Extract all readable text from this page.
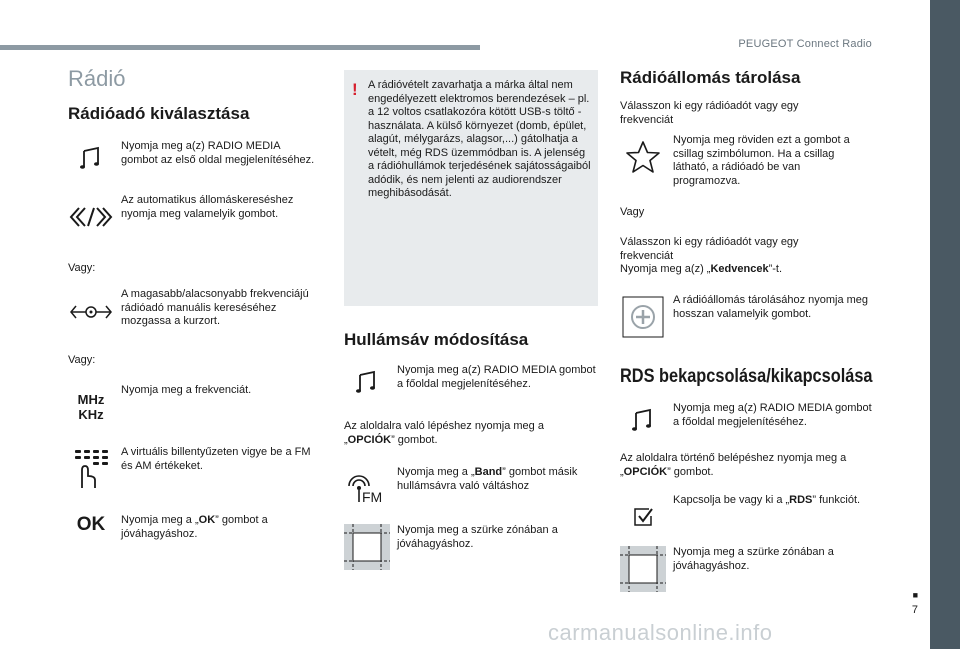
PEUGEOT Connect Radio
■
7
carmanualsonline.info
Rádió
Rádióadó kiválasztása
Nyomja meg a(z) RADIO MEDIA gombot az első oldal megjelenítéséhez.
Az automatikus állomáskereséshez nyomja meg valamelyik gombot.
Vagy:
A magasabb/alacsonyabb frekvenciájú rádióadó manuális kereséséhez mozgassa a kurzort.
Vagy:
MHz
KHz
Nyomja meg a frekvenciát.
A virtuális billentyűzeten vigye be a FM és AM értékeket.
OK Nyomja meg a „OK” gombot a jóváhagyáshoz.
! A rádióvételt zavarhatja a márka által nem engedélyezett elektromos berendezések – pl. a 12 voltos csatlakozóra kötött USB-s töltő -használata. A külső környezet (domb, épület, alagút, mélygarázs, alagsor,...) gátolhatja a vételt, még RDS üzemmódban is. A jelenség a rádióhullámok terjedésének sajátosságaiból adódik, és nem jelenti az audiorendszer meghibásodását.
Hullámsáv módosítása
Nyomja meg a(z) RADIO MEDIA gombot a főoldal megjelenítéséhez.
Az aloldalra való lépéshez nyomja meg a „OPCIÓK” gombot.
FM
Nyomja meg a „Band” gombot másik hullámsávra való váltáshoz
Nyomja meg a szürke zónában a jóváhagyáshoz.
Rádióállomás tárolása
Válasszon ki egy rádióadót vagy egy frekvenciát
Nyomja meg röviden ezt a gombot a csillag szimbólumon. Ha a csillag látható, a rádióadó be van programozva.
Vagy
Válasszon ki egy rádióadót vagy egy frekvenciát
Nyomja meg a(z) „Kedvencek”-t.
A rádióállomás tárolásához nyomja meg hosszan valamelyik gombot.
RDS bekapcsolása/kikapcsolása
Nyomja meg a(z) RADIO MEDIA gombot a főoldal megjelenítéséhez.
Az aloldalra történő belépéshez nyomja meg a „OPCIÓK” gombot.
Kapcsolja be vagy ki a „RDS” funkciót.
Nyomja meg a szürke zónában a jóváhagyáshoz.
